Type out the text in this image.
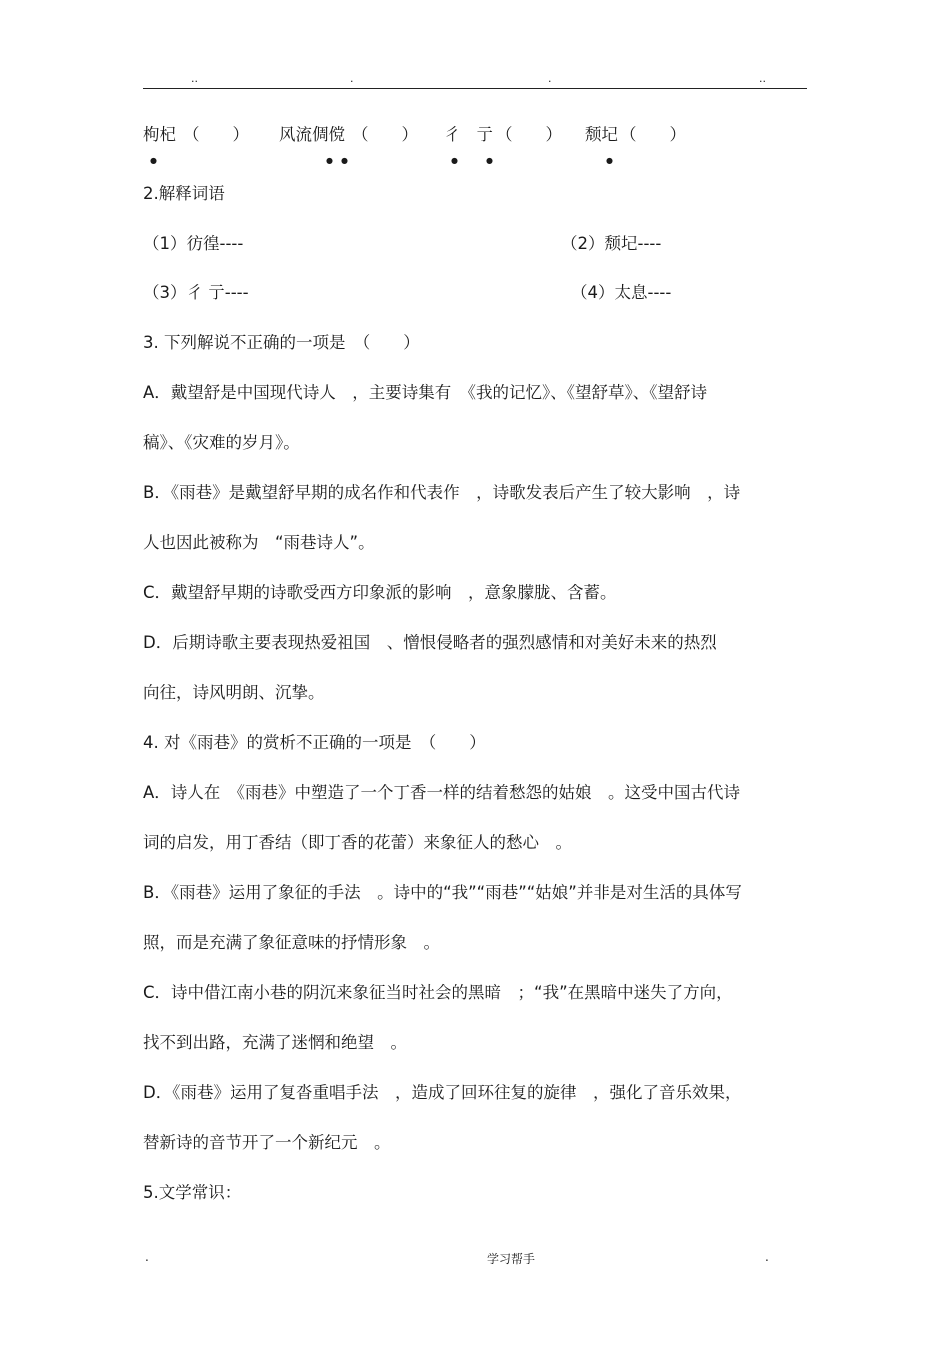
..	.	.	..
枸杞 （　　） 风流倜傥 （　　） 彳亍
（　　） 颓圮 （　　）
●	● ●	●	●	●
2.解释词语
（1）彷徨----	（2）颓圮----
（3）彳 亍----	（4）太息----
3. 下列解说不正确的一项是　（　　）
A．戴望舒是中国现代诗人　，主要诗集有　《我的记忆》、《望舒草》、《望舒诗
稿》、《灾难的岁月》。
B．《雨巷》是戴望舒早期的成名作和代表作　，诗歌发表后产生了较大影响　，诗
人也因此被称为　“雨巷诗人”。
C．戴望舒早期的诗歌受西方印象派的影响　，意象朦胧、含蓄。
D．后期诗歌主要表现热爱祖国　、憎恨侵略者的强烈感情和对美好未来的热烈
向往，诗风明朗、沉挚。
4. 对《雨巷》的赏析不正确的一项是　（　　）
A．诗人在　《雨巷》中塑造了一个丁香一样的结着愁怨的姑娘　。这受中国古代诗
词的启发，用丁香结（即丁香的花蕾）来象征人的愁心　。
B．《雨巷》运用了象征的手法　。诗中的“我”“雨巷”“姑娘”并非是对生活的具体写
照，而是充满了象征意味的抒情形象　。
C．诗中借江南小巷的阴沉来象征当时社会的黑暗　；“我”在黑暗中迷失了方向，
找不到出路，充满了迷惘和绝望　。
D．《雨巷》运用了复沓重唱手法　，造成了回环往复的旋律　，强化了音乐效果，
替新诗的音节开了一个新纪元　。
5.文学常识：
.	学习帮手	.
